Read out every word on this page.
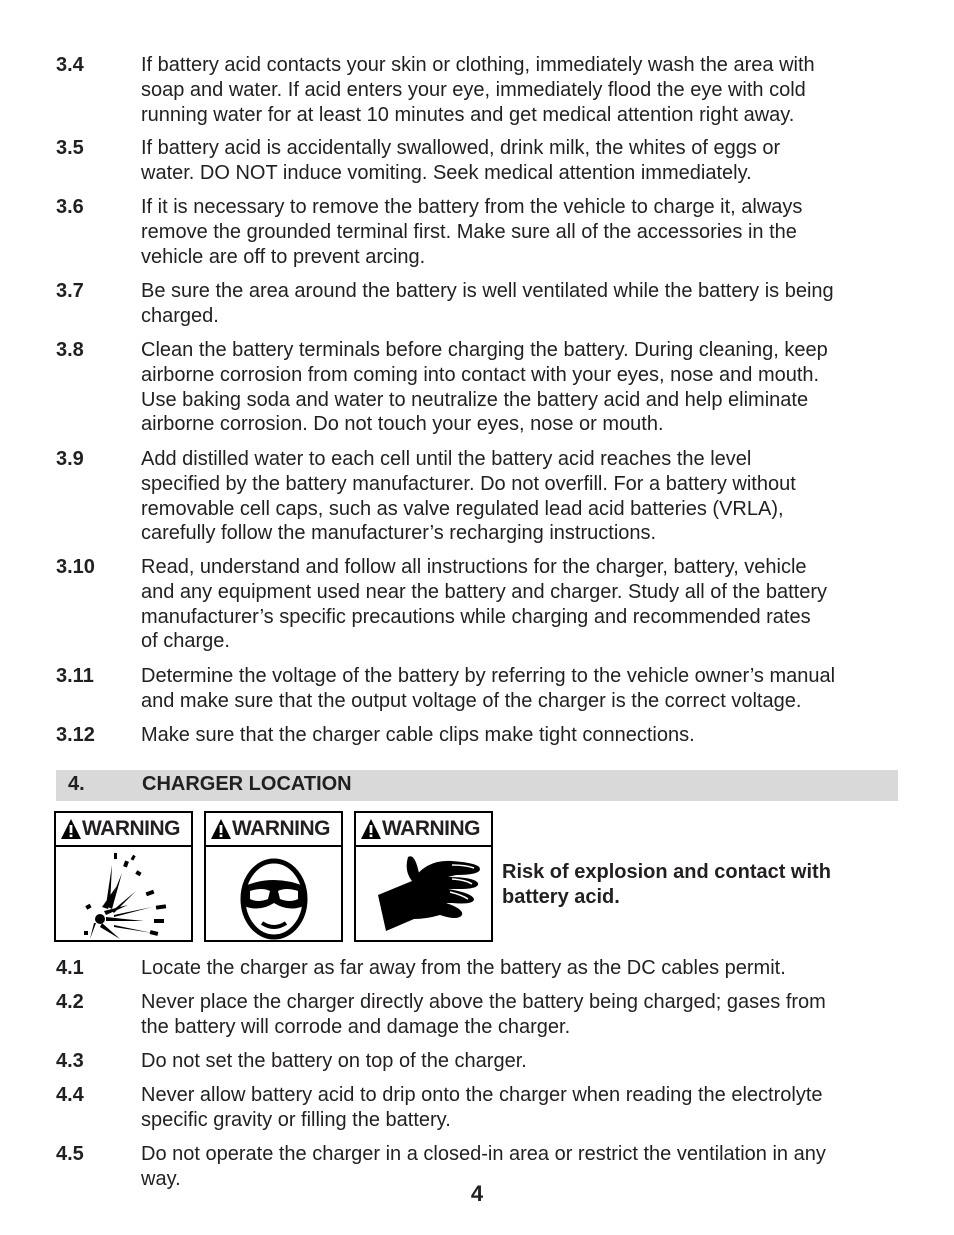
3.4	If battery acid contacts your skin or clothing, immediately wash the area with
soap and water. If acid enters your eye, immediately flood the eye with cold
running water for at least 10 minutes and get medical attention right away.
3.5	If battery acid is accidentally swallowed, drink milk, the whites of eggs or
water. DO NOT induce vomiting. Seek medical attention immediately.
3.6	If it is necessary to remove the battery from the vehicle to charge it, always
remove the grounded terminal first. Make sure all of the accessories in the
vehicle are off to prevent arcing.
3.7	Be sure the area around the battery is well ventilated while the battery is being
charged.
3.8	Clean the battery terminals before charging the battery. During cleaning, keep
airborne corrosion from coming into contact with your eyes, nose and mouth.
Use baking soda and water to neutralize the battery acid and help eliminate
airborne corrosion. Do not touch your eyes, nose or mouth.
3.9	Add distilled water to each cell until the battery acid reaches the level
specified by the battery manufacturer. Do not overfill. For a battery without
removable cell caps, such as valve regulated lead acid batteries (VRLA),
carefully follow the manufacturer’s recharging instructions.
3.10	Read, understand and follow all instructions for the charger, battery, vehicle
and any equipment used near the battery and charger. Study all of the battery
manufacturer’s specific precautions while charging and recommended rates
of charge.
3.11	Determine the voltage of the battery by referring to the vehicle owner’s manual
and make sure that the output voltage of the charger is the correct voltage.
3.12	Make sure that the charger cable clips make tight connections.
4.	CHARGER LOCATION
WARNING WARNING WARNING
Risk of explosion and contact with
battery acid.
4.1	Locate the charger as far away from the battery as the DC cables permit.
4.2	Never place the charger directly above the battery being charged; gases from
the battery will corrode and damage the charger.
4.3	Do not set the battery on top of the charger.
4.4	Never allow battery acid to drip onto the charger when reading the electrolyte
specific gravity or filling the battery.
4.5	Do not operate the charger in a closed-in area or restrict the ventilation in any
way.
4
